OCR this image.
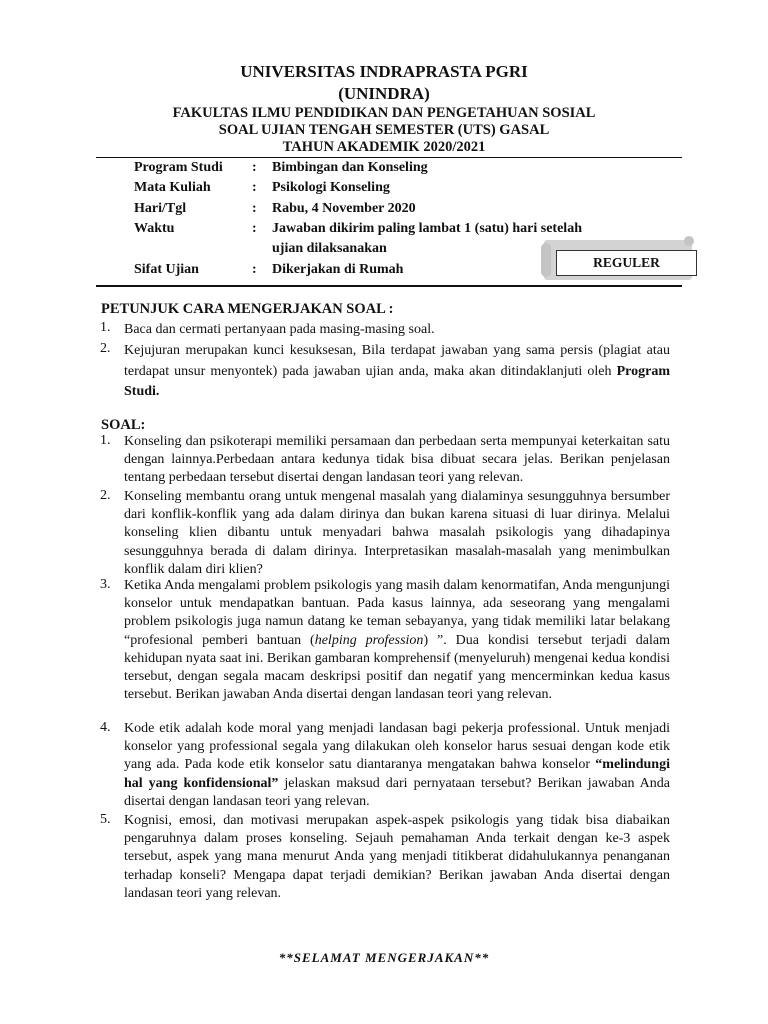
UNIVERSITAS INDRAPRASTA PGRI
(UNINDRA)
FAKULTAS ILMU PENDIDIKAN DAN PENGETAHUAN SOSIAL
SOAL UJIAN TENGAH SEMESTER (UTS) GASAL
TAHUN AKADEMIK 2020/2021
Program Studi : Bimbingan dan Konseling
Mata Kuliah	: Psikologi Konseling
Hari/Tgl	: Rabu, 4 November 2020
Waktu	: Jawaban dikirim paling lambat 1 (satu) hari setelah
ujian dilaksanakan
Sifat Ujian	: Dikerjakan di Rumah	REGULER
PETUNJUK CARA MENGERJAKAN SOAL :
1. Baca dan cermati pertanyaan pada masing-masing soal.
2. Kejujuran merupakan kunci kesuksesan, Bila terdapat jawaban yang sama persis (plagiat atau terdapat unsur menyontek) pada jawaban ujian anda, maka akan ditindaklanjuti oleh Program Studi.
SOAL:
1. Konseling dan psikoterapi memiliki persamaan dan perbedaan serta mempunyai keterkaitan satu dengan lainnya.Perbedaan antara kedunya tidak bisa dibuat secara jelas. Berikan penjelasan tentang perbedaan tersebut disertai dengan landasan teori yang relevan.
2. Konseling membantu orang untuk mengenal masalah yang dialaminya sesungguhnya bersumber dari konflik-konflik yang ada dalam dirinya dan bukan karena situasi di luar dirinya. Melalui konseling klien dibantu untuk menyadari bahwa masalah psikologis yang dihadapinya sesungguhnya berada di dalam dirinya. Interpretasikan masalah-masalah yang menimbulkan konflik dalam diri klien?
3. Ketika Anda mengalami problem psikologis yang masih dalam kenormatifan, Anda mengunjungi konselor untuk mendapatkan bantuan. Pada kasus lainnya, ada seseorang yang mengalami problem psikologis juga namun datang ke teman sebayanya, yang tidak memiliki latar belakang “profesional pemberi bantuan (helping profession) ”. Dua kondisi tersebut terjadi dalam kehidupan nyata saat ini. Berikan gambaran komprehensif (menyeluruh) mengenai kedua kondisi tersebut, dengan segala macam deskripsi positif dan negatif yang mencerminkan kedua kasus tersebut. Berikan jawaban Anda disertai dengan landasan teori yang relevan.
4. Kode etik adalah kode moral yang menjadi landasan bagi pekerja professional. Untuk menjadi konselor yang professional segala yang dilakukan oleh konselor harus sesuai dengan kode etik yang ada. Pada kode etik konselor satu diantaranya mengatakan bahwa konselor “melindungi hal yang konfidensional” jelaskan maksud dari pernyataan tersebut? Berikan jawaban Anda disertai dengan landasan teori yang relevan.
5. Kognisi, emosi, dan motivasi merupakan aspek-aspek psikologis yang tidak bisa diabaikan pengaruhnya dalam proses konseling. Sejauh pemahaman Anda terkait dengan ke-3 aspek tersebut, aspek yang mana menurut Anda yang menjadi titikberat didahulukannya penanganan terhadap konseli? Mengapa dapat terjadi demikian? Berikan jawaban Anda disertai dengan landasan teori yang relevan.
**SELAMAT MENGERJAKAN**
